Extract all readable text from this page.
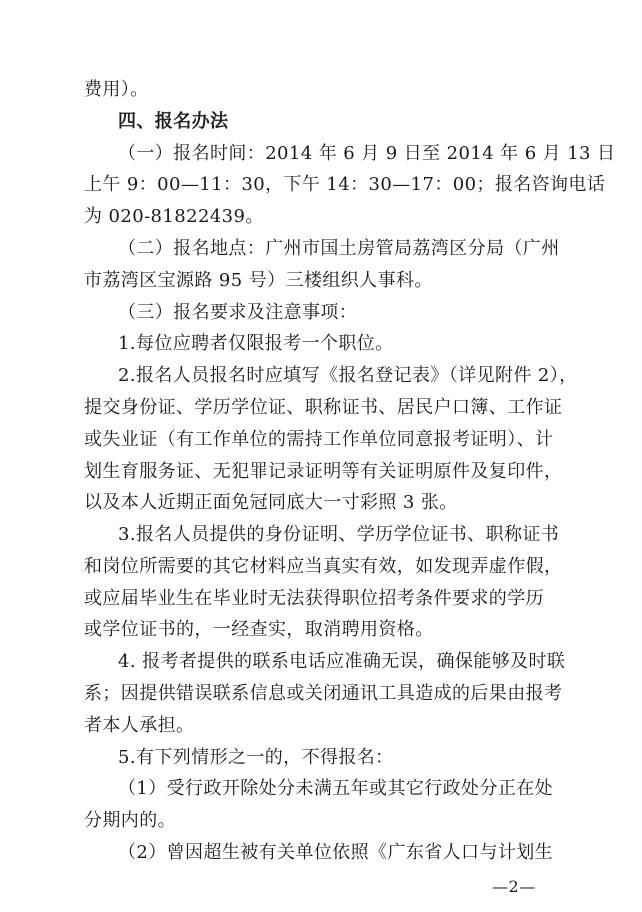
费用）。
四、报名办法
（一）报名时间：2014 年 6 月 9 日至 2014 年 6 月 13 日
上午 9：00—11：30，下午 14：30—17：00；报名咨询电话
为 020-81822439。
（二）报名地点：广州市国土房管局荔湾区分局（广州
市荔湾区宝源路 95 号）三楼组织人事科。
（三）报名要求及注意事项：
1.每位应聘者仅限报考一个职位。
2.报名人员报名时应填写《报名登记表》（详见附件 2），
提交身份证、学历学位证、职称证书、居民户口簿、工作证
或失业证（有工作单位的需持工作单位同意报考证明）、计
划生育服务证、无犯罪记录证明等有关证明原件及复印件，
以及本人近期正面免冠同底大一寸彩照 3 张。
3.报名人员提供的身份证明、学历学位证书、职称证书
和岗位所需要的其它材料应当真实有效，如发现弄虚作假，
或应届毕业生在毕业时无法获得职位招考条件要求的学历
或学位证书的，一经查实，取消聘用资格。
4. 报考者提供的联系电话应准确无误，确保能够及时联
系；因提供错误联系信息或关闭通讯工具造成的后果由报考
者本人承担。
5.有下列情形之一的，不得报名：
（1）受行政开除处分未满五年或其它行政处分正在处
分期内的。
（2）曾因超生被有关单位依照《广东省人口与计划生
—2—
